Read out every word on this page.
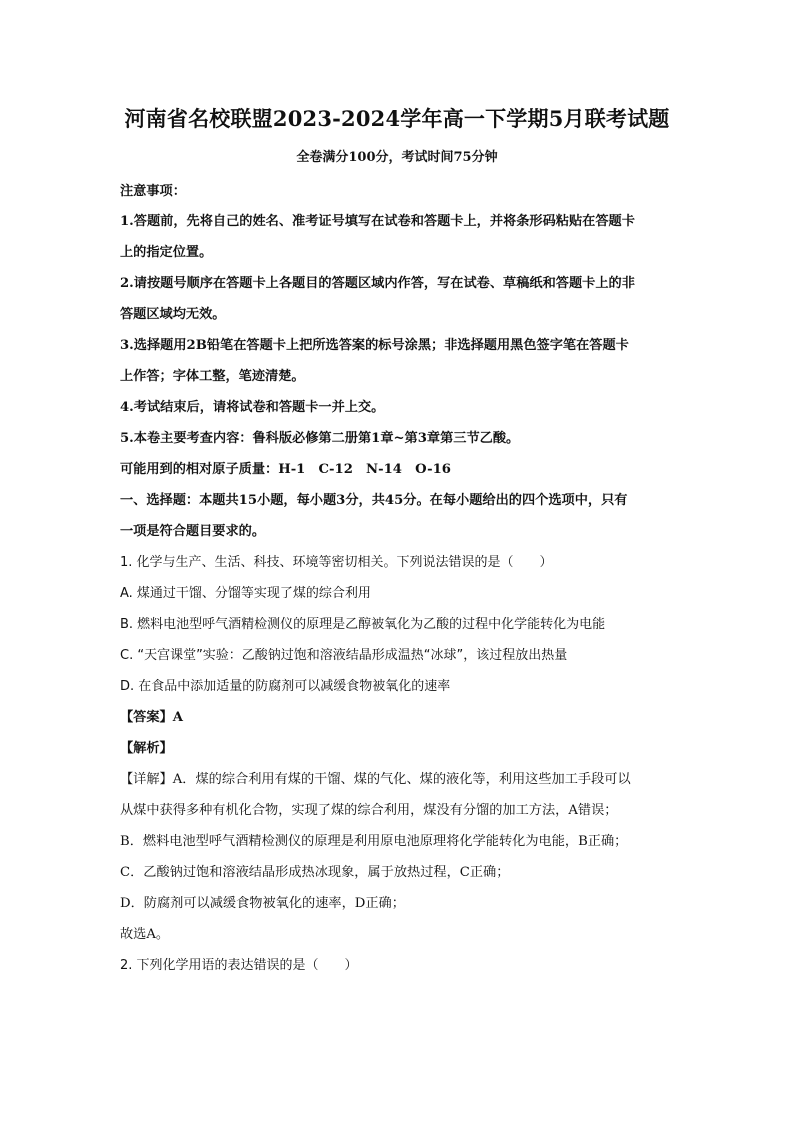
河南省名校联盟2023-2024学年高一下学期5月联考试题
全卷满分100分，考试时间75分钟
注意事项：
1.答题前，先将自己的姓名、准考证号填写在试卷和答题卡上，并将条形码粘贴在答题卡
上的指定位置。
2.请按题号顺序在答题卡上各题目的答题区域内作答，写在试卷、草稿纸和答题卡上的非
答题区域均无效。
3.选择题用2B铅笔在答题卡上把所选答案的标号涂黑；非选择题用黑色签字笔在答题卡
上作答；字体工整，笔迹清楚。
4.考试结束后，请将试卷和答题卡一并上交。
5.本卷主要考查内容：鲁科版必修第二册第1章~第3章第三节乙酸。
可能用到的相对原子质量：H-1　C-12　N-14　O-16
一、选择题：本题共15小题，每小题3分，共45分。在每小题给出的四个选项中，只有
一项是符合题目要求的。
1. 化学与生产、生活、科技、环境等密切相关。下列说法错误的是（　　）
A. 煤通过干馏、分馏等实现了煤的综合利用
B. 燃料电池型呼气酒精检测仪的原理是乙醇被氧化为乙酸的过程中化学能转化为电能
C. “天宫课堂”实验：乙酸钠过饱和溶液结晶形成温热“冰球”，该过程放出热量
D. 在食品中添加适量的防腐剂可以减缓食物被氧化的速率
【答案】A
【解析】
【详解】A．煤的综合利用有煤的干馏、煤的气化、煤的液化等，利用这些加工手段可以
从煤中获得多种有机化合物，实现了煤的综合利用，煤没有分馏的加工方法，A错误；
B．燃料电池型呼气酒精检测仪的原理是利用原电池原理将化学能转化为电能，B正确；
C．乙酸钠过饱和溶液结晶形成热冰现象，属于放热过程，C正确；
D．防腐剂可以减缓食物被氧化的速率，D正确；
故选A。
2. 下列化学用语的表达错误的是（　　）
